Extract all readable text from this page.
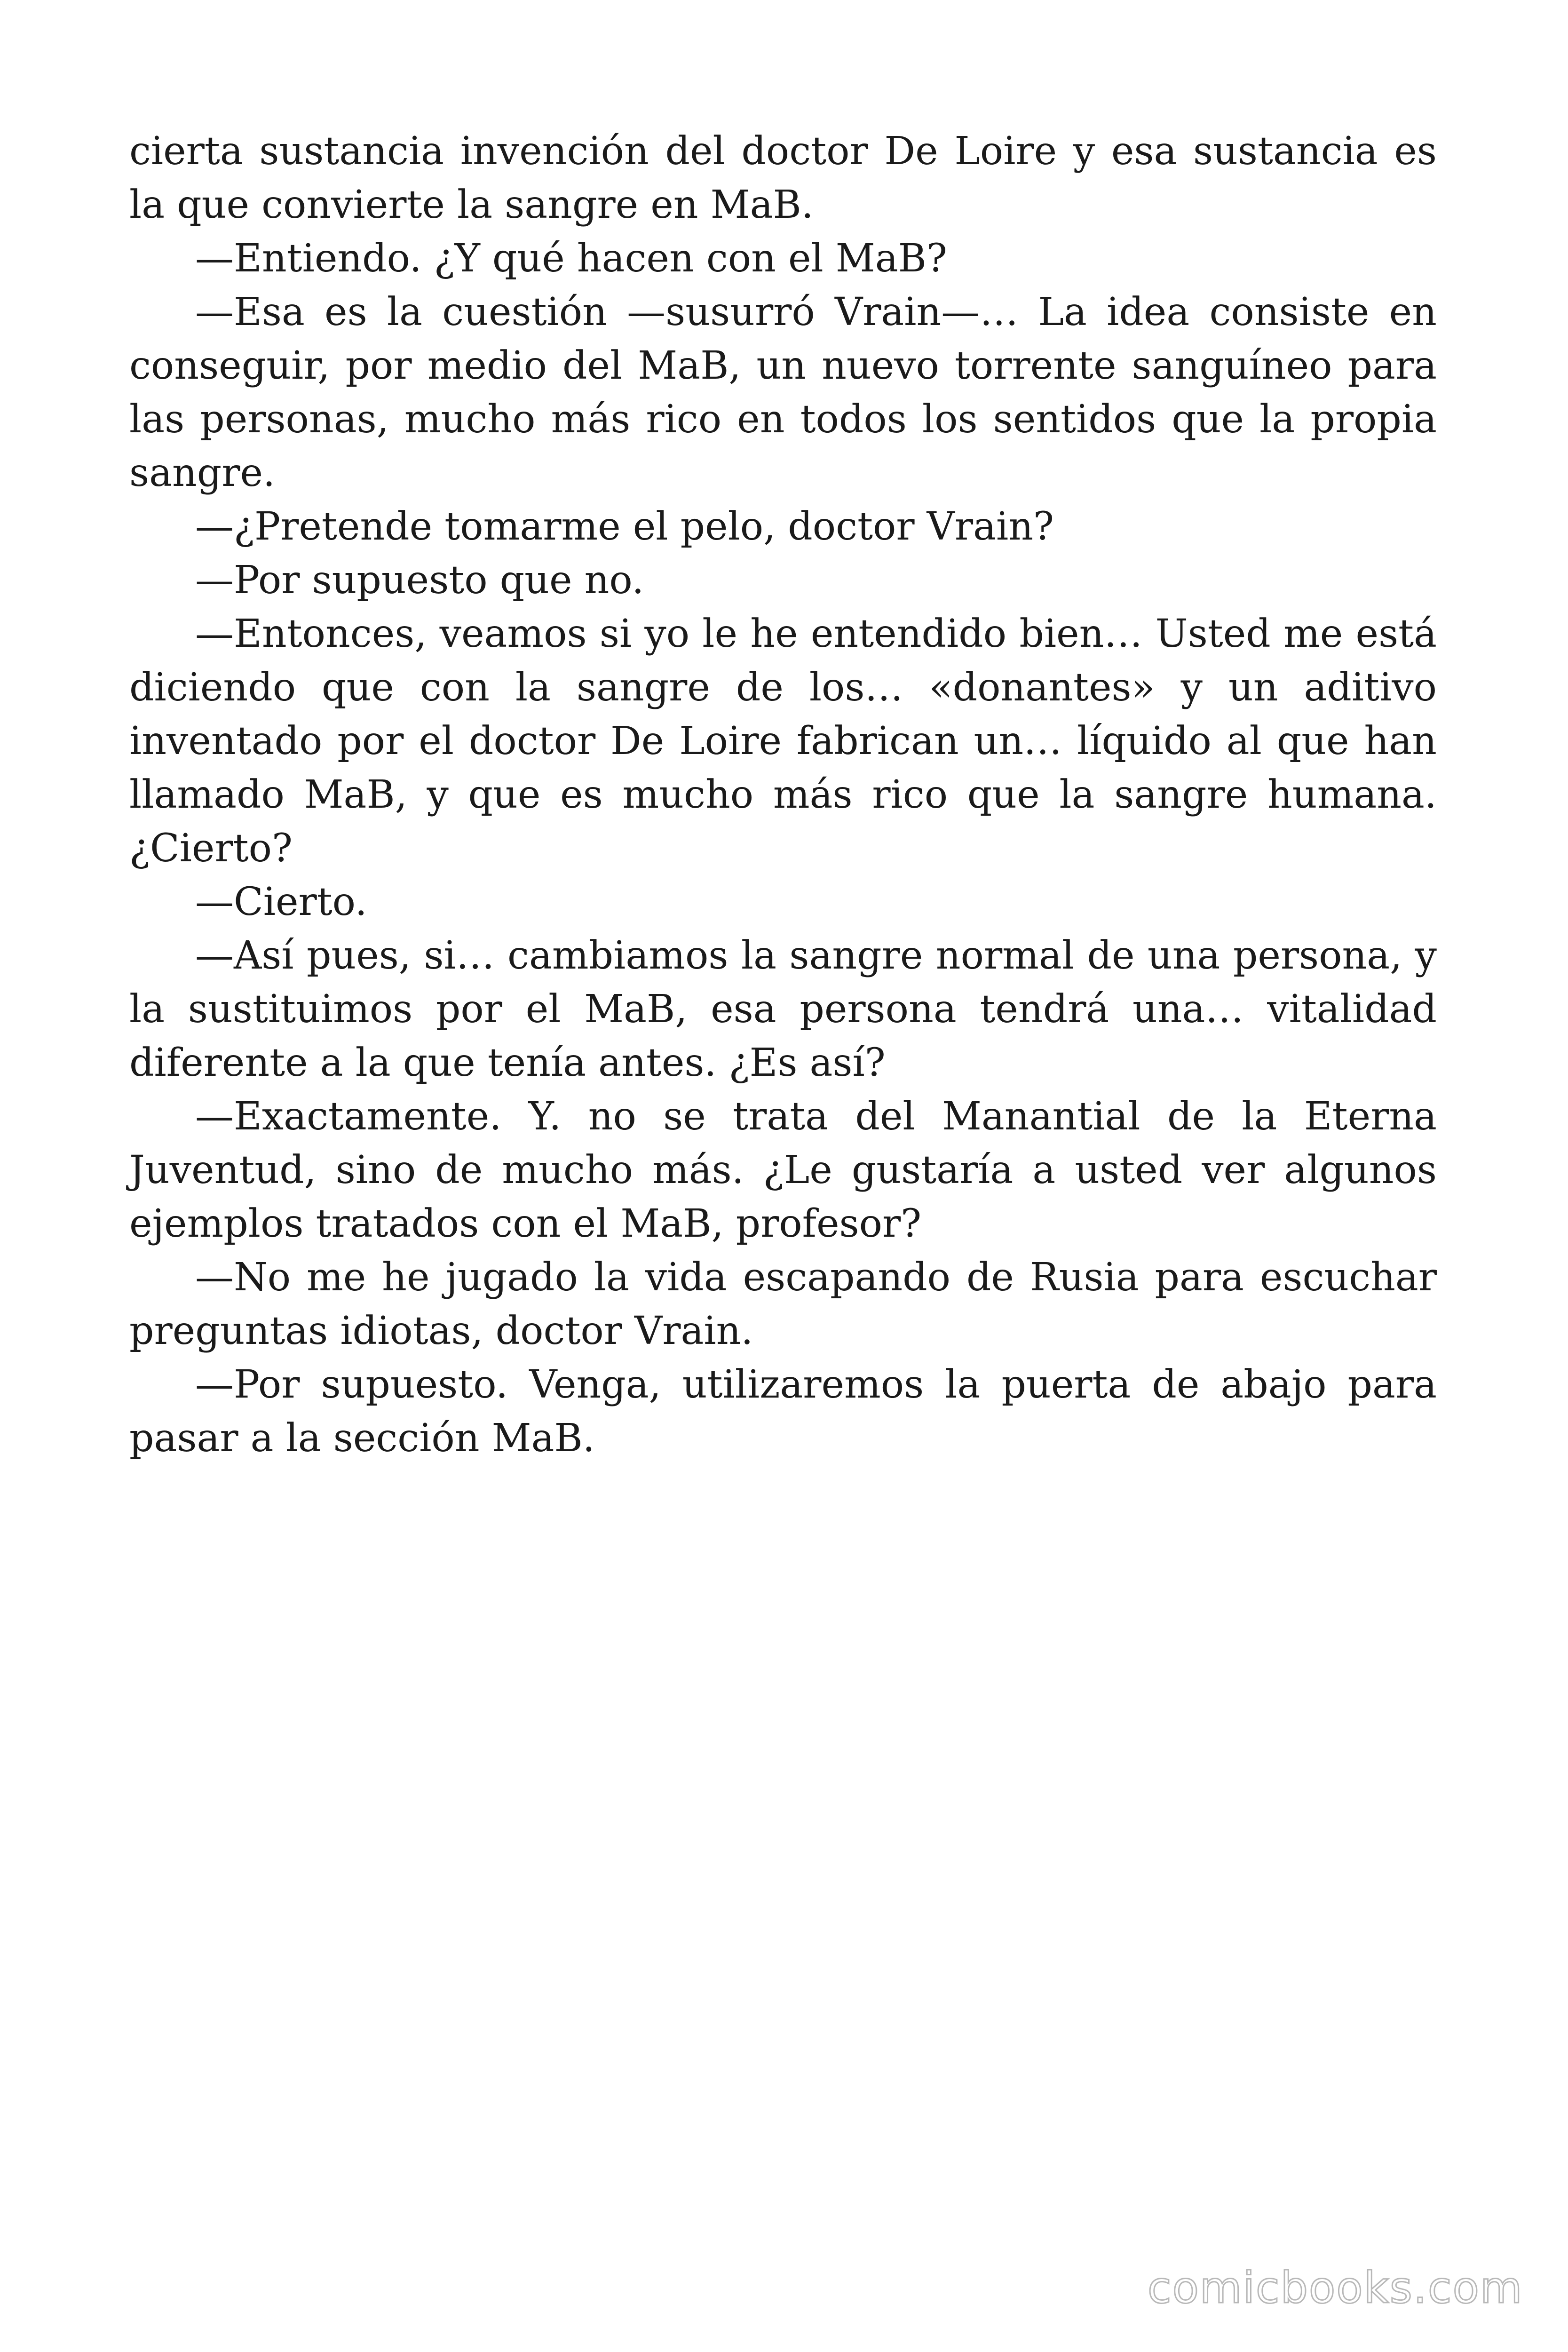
cierta sustancia invención del doctor De Loire y esa sustancia es la que convierte la sangre en MaB.

—Entiendo. ¿Y qué hacen con el MaB?

—Esa es la cuestión —susurró Vrain—… La idea consiste en conseguir, por medio del MaB, un nuevo torrente sanguíneo para las personas, mucho más rico en todos los sentidos que la propia sangre.

—¿Pretende tomarme el pelo, doctor Vrain?

—Por supuesto que no.

—Entonces, veamos si yo le he entendido bien… Usted me está diciendo que con la sangre de los… «donantes» y un aditivo inventado por el doctor De Loire fabrican un… líquido al que han llamado MaB, y que es mucho más rico que la sangre humana. ¿Cierto?

—Cierto.

—Así pues, si… cambiamos la sangre normal de una persona, y la sustituimos por el MaB, esa persona tendrá una… vitalidad diferente a la que tenía antes. ¿Es así?

—Exactamente. Y. no se trata del Manantial de la Eterna Juventud, sino de mucho más. ¿Le gustaría a usted ver algunos ejemplos tratados con el MaB, profesor?

—No me he jugado la vida escapando de Rusia para escuchar preguntas idiotas, doctor Vrain.

—Por supuesto. Venga, utilizaremos la puerta de abajo para pasar a la sección MaB.

comicbooks.com
